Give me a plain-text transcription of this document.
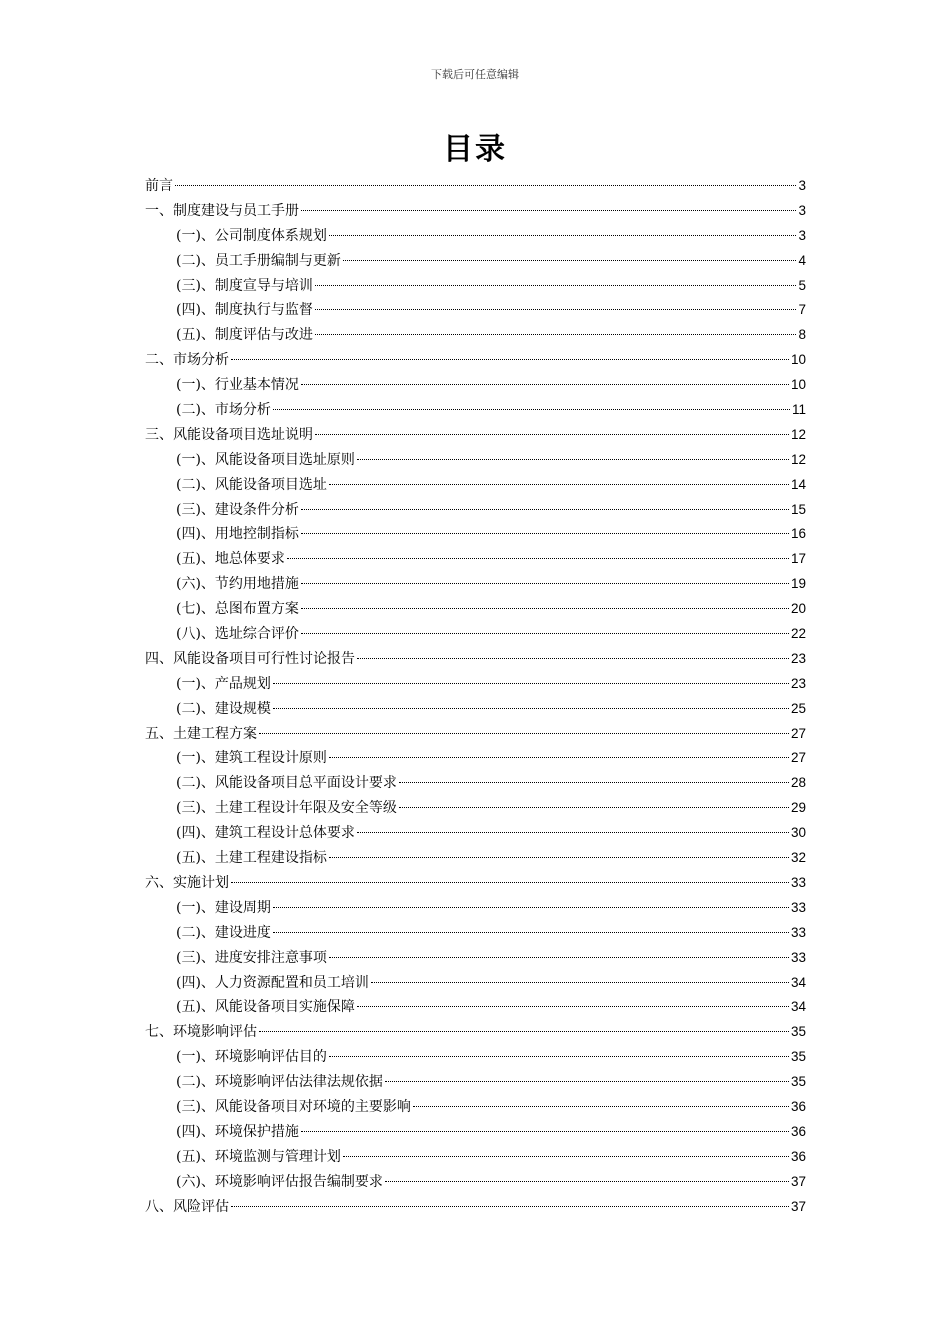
下载后可任意编辑
目录
前言	3
一、制度建设与员工手册	3
(一)、公司制度体系规划	3
(二)、员工手册编制与更新	4
(三)、制度宣导与培训	5
(四)、制度执行与监督	7
(五)、制度评估与改进	8
二、市场分析	10
(一)、行业基本情况	10
(二)、市场分析	11
三、风能设备项目选址说明	12
(一)、风能设备项目选址原则	12
(二)、风能设备项目选址	14
(三)、建设条件分析	15
(四)、用地控制指标	16
(五)、地总体要求	17
(六)、节约用地措施	19
(七)、总图布置方案	20
(八)、选址综合评价	22
四、风能设备项目可行性讨论报告	23
(一)、产品规划	23
(二)、建设规模	25
五、土建工程方案	27
(一)、建筑工程设计原则	27
(二)、风能设备项目总平面设计要求	28
(三)、土建工程设计年限及安全等级	29
(四)、建筑工程设计总体要求	30
(五)、土建工程建设指标	32
六、实施计划	33
(一)、建设周期	33
(二)、建设进度	33
(三)、进度安排注意事项	33
(四)、人力资源配置和员工培训	34
(五)、风能设备项目实施保障	34
七、环境影响评估	35
(一)、环境影响评估目的	35
(二)、环境影响评估法律法规依据	35
(三)、风能设备项目对环境的主要影响	36
(四)、环境保护措施	36
(五)、环境监测与管理计划	36
(六)、环境影响评估报告编制要求	37
八、风险评估	37
